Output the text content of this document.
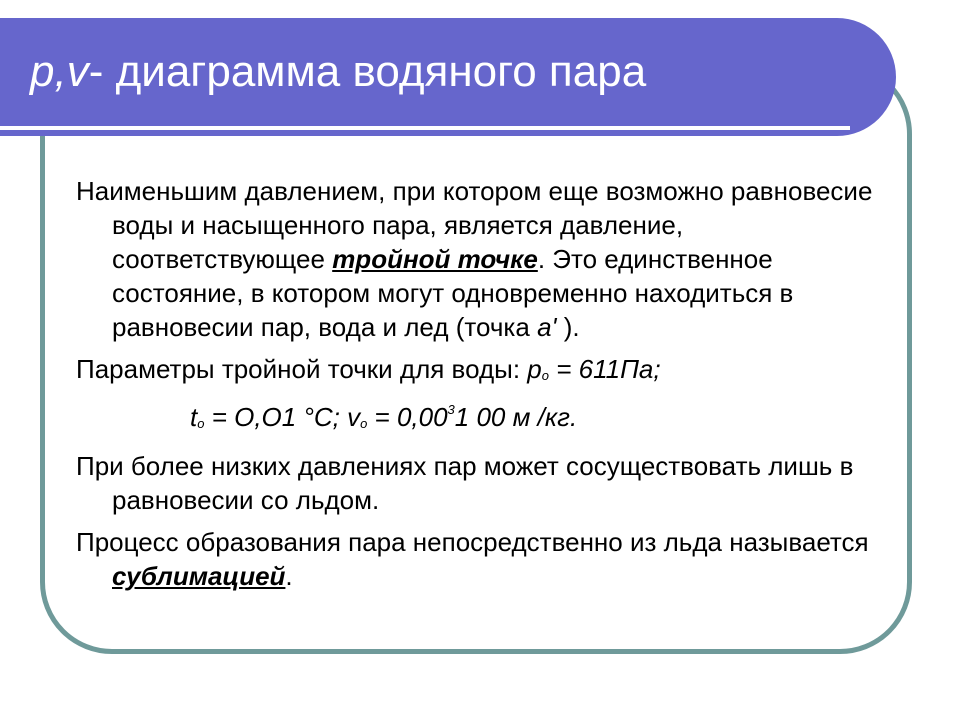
p,v- диаграмма водяного пара

Наименьшим давлением, при котором еще возможно равновесие воды и насыщенного пара, является давление, соответствующее тройной точке. Это единственное состояние, в котором могут одновременно находиться в равновесии пар, вода и лед (точка а' ).

Параметры тройной точки для воды: po = 611Па;

to = О,О1 °С; vo = $0,00^31$ 00 м /кг.

При более низких давлениях пар может сосуществовать лишь в равновесии со льдом.

Процесс образования пара непосредственно из льда называется сублимацией.
